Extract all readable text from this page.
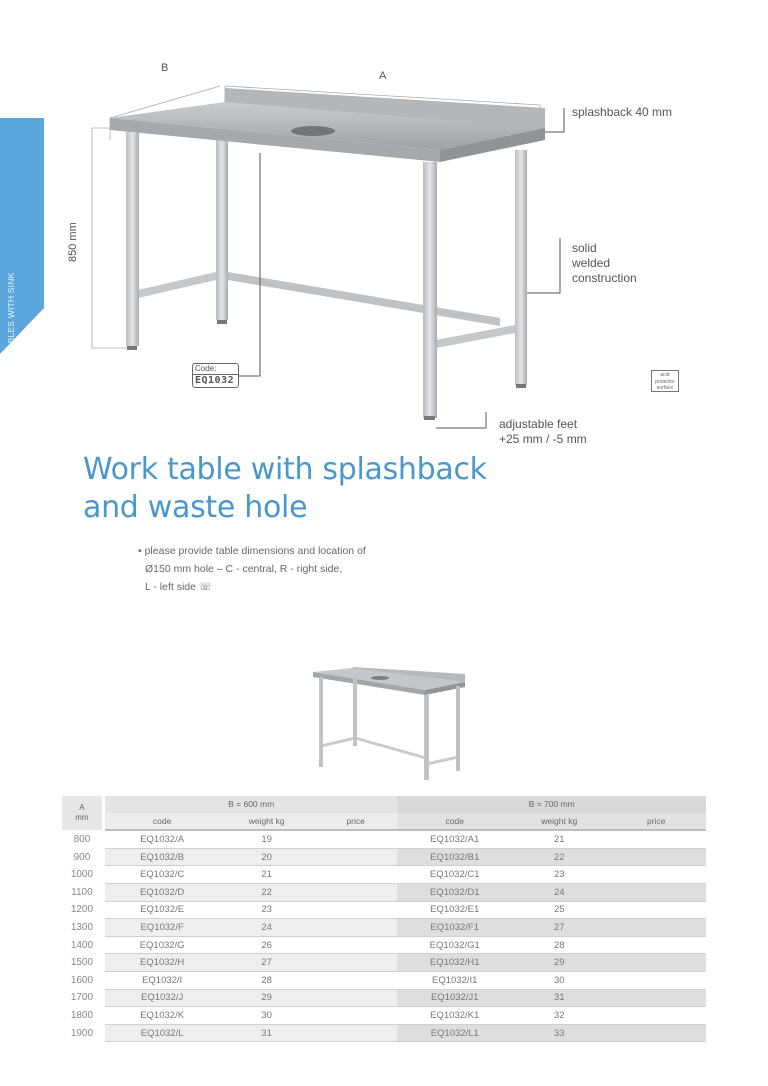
TABLES WITH SINK
B
A
850 mm
splashback 40 mm
solid
welded
construction
adjustable feet
+25 mm / -5 mm
Code:
EQ1032	acid
protector
surface
Work table with splashback
and waste hole
• please provide table dimensions and location of
Ø150 mm hole – C - central, R - right side,
L - left side ☏
A
mm	B = 600 mm			B = 700 mm		
	code	weight kg	price	code	weight kg	price
800	EQ1032/A	19		EQ1032/A1	21	
900	EQ1032/B	20		EQ1032/B1	22	
1000	EQ1032/C	21		EQ1032/C1	23	
1100	EQ1032/D	22		EQ1032/D1	24	
1200	EQ1032/E	23		EQ1032/E1	25	
1300	EQ1032/F	24		EQ1032/F1	27	
1400	EQ1032/G	26		EQ1032/G1	28	
1500	EQ1032/H	27		EQ1032/H1	29	
1600	EQ1032/I	28		EQ1032/I1	30	
1700	EQ1032/J	29		EQ1032/J1	31	
1800	EQ1032/K	30		EQ1032/K1	32	
1900	EQ1032/L	31		EQ1032/L1	33	
